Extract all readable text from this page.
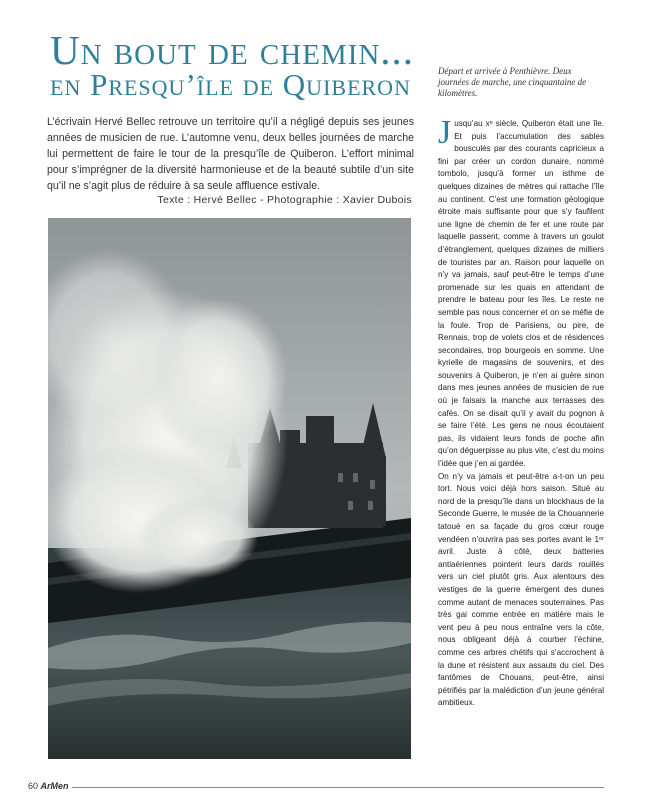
Un bout de chemin...
en Presqu’île de Quiberon

L’écrivain Hervé Bellec retrouve un territoire qu’il a négligé depuis ses jeunes années de musicien de rue. L’automne venu, deux belles journées de marche lui permettent de faire le tour de la presqu’île de Quiberon. L’effort minimal pour s’imprégner de la diversité harmonieuse et de la beauté subtile d’un site qu’il ne s’agit plus de réduire à sa seule affluence estivale.

Texte : Hervé Bellec - Photographie : Xavier Dubois

Départ et arrivée à Penthièvre. Deux journées de marche, une cinquantaine de kilomètres.

Jusqu’au xᵉ siècle, Quiberon était une île. Et puis l’accumulation des sables bousculés par des courants capricieux a fini par créer un cordon dunaire, nommé tombolo, jusqu’à former un isthme de quelques dizaines de mètres qui rattache l’île au continent. C’est une formation géologique étroite mais suffisante pour que s’y faufilent une ligne de chemin de fer et une route par laquelle passent, comme à travers un goulot d’étranglement, quelques dizaines de milliers de touristes par an. Raison pour laquelle on n’y va jamais, sauf peut-être le temps d’une promenade sur les quais en attendant de prendre le bateau pour les îles. Le reste ne semble pas nous concerner et on se méfie de la foule. Trop de Parisiens, ou pire, de Rennais, trop de volets clos et de résidences secondaires, trop bourgeois en somme. Une kyrielle de magasins de souvenirs, et des souvenirs à Quiberon, je n’en ai guère sinon dans mes jeunes années de musicien de rue où je faisais la manche aux terrasses des cafés. On se disait qu’il y avait du pognon à se faire l’été. Les gens ne nous écoutaient pas, ils vidaient leurs fonds de poche afin qu’on déguerpisse au plus vite, c’est du moins l’idée que j’en ai gardée.

On n’y va jamais et peut-être a-t-on un peu tort. Nous voici déjà hors saison. Situé au nord de la presqu’île dans un blockhaus de la Seconde Guerre, le musée de la Chouannerie tatoué en sa façade du gros cœur rouge vendéen n’ouvrira pas ses portes avant le 1ᵉʳ avril. Juste à côté, deux batteries antiaériennes pointent leurs dards rouillés vers un ciel plutôt gris. Aux alentours des vestiges de la guerre émergent des dunes comme autant de menaces souterraines. Pas très gai comme entrée en matière mais le vent peu à peu nous entraîne vers la côte, nous obligeant déjà à courber l’échine, comme ces arbres chétifs qui s’accrochent à la dune et résistent aux assauts du ciel. Des fantômes de Chouans, peut-être, ainsi pétrifiés par la malédiction d’un jeune général ambitieux.

60 ArMen
